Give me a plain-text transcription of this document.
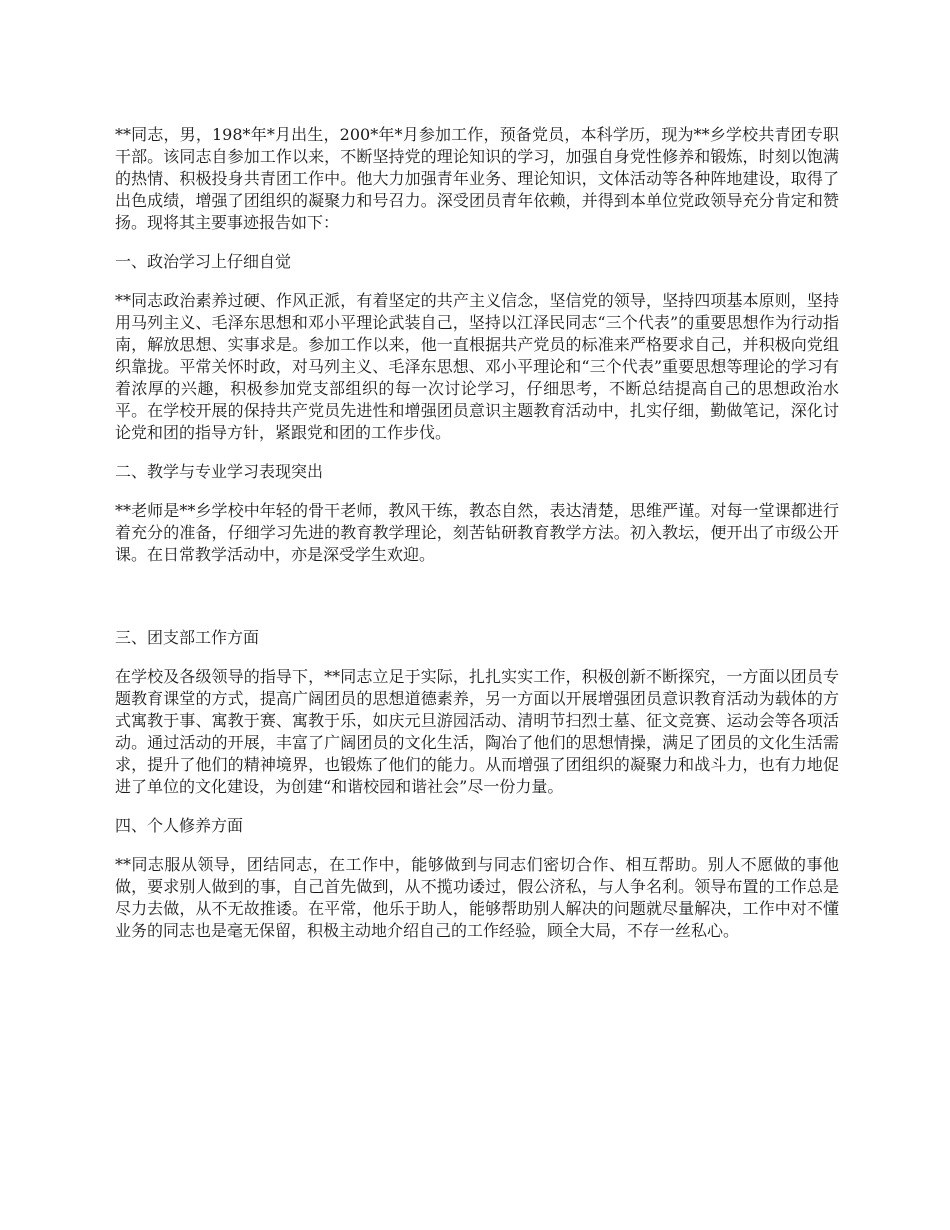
**同志，男，198*年*月出生，200*年*月参加工作，预备党员，本科学历，现为**乡学校共青团专职干部。该同志自参加工作以来，不断坚持党的理论知识的学习，加强自身党性修养和锻炼，时刻以饱满的热情、积极投身共青团工作中。他大力加强青年业务、理论知识，文体活动等各种阵地建设，取得了出色成绩，增强了团组织的凝聚力和号召力。深受团员青年依赖，并得到本单位党政领导充分肯定和赞扬。现将其主要事迹报告如下：

一、政治学习上仔细自觉

**同志政治素养过硬、作风正派，有着坚定的共产主义信念，坚信党的领导，坚持四项基本原则，坚持用马列主义、毛泽东思想和邓小平理论武装自己，坚持以江泽民同志“三个代表”的重要思想作为行动指南，解放思想、实事求是。参加工作以来，他一直根据共产党员的标准来严格要求自己，并积极向党组织靠拢。平常关怀时政，对马列主义、毛泽东思想、邓小平理论和“三个代表”重要思想等理论的学习有着浓厚的兴趣，积极参加党支部组织的每一次讨论学习，仔细思考，不断总结提高自己的思想政治水平。在学校开展的保持共产党员先进性和增强团员意识主题教育活动中，扎实仔细，勤做笔记，深化讨论党和团的指导方针，紧跟党和团的工作步伐。

二、教学与专业学习表现突出

**老师是**乡学校中年轻的骨干老师，教风干练，教态自然，表达清楚，思维严谨。对每一堂课都进行着充分的准备，仔细学习先进的教育教学理论，刻苦钻研教育教学方法。初入教坛，便开出了市级公开课。在日常教学活动中，亦是深受学生欢迎。

三、团支部工作方面

在学校及各级领导的指导下，**同志立足于实际，扎扎实实工作，积极创新不断探究，一方面以团员专题教育课堂的方式，提高广阔团员的思想道德素养，另一方面以开展增强团员意识教育活动为载体的方式寓教于事、寓教于赛、寓教于乐，如庆元旦游园活动、清明节扫烈士墓、征文竞赛、运动会等各项活动。通过活动的开展，丰富了广阔团员的文化生活，陶冶了他们的思想情操，满足了团员的文化生活需求，提升了他们的精神境界，也锻炼了他们的能力。从而增强了团组织的凝聚力和战斗力，也有力地促进了单位的文化建设，为创建“和谐校园和谐社会”尽一份力量。

四、个人修养方面

**同志服从领导，团结同志，在工作中，能够做到与同志们密切合作、相互帮助。别人不愿做的事他做，要求别人做到的事，自己首先做到，从不揽功诿过，假公济私，与人争名利。领导布置的工作总是尽力去做，从不无故推诿。在平常，他乐于助人，能够帮助别人解决的问题就尽量解决，工作中对不懂业务的同志也是毫无保留，积极主动地介绍自己的工作经验，顾全大局，不存一丝私心。
